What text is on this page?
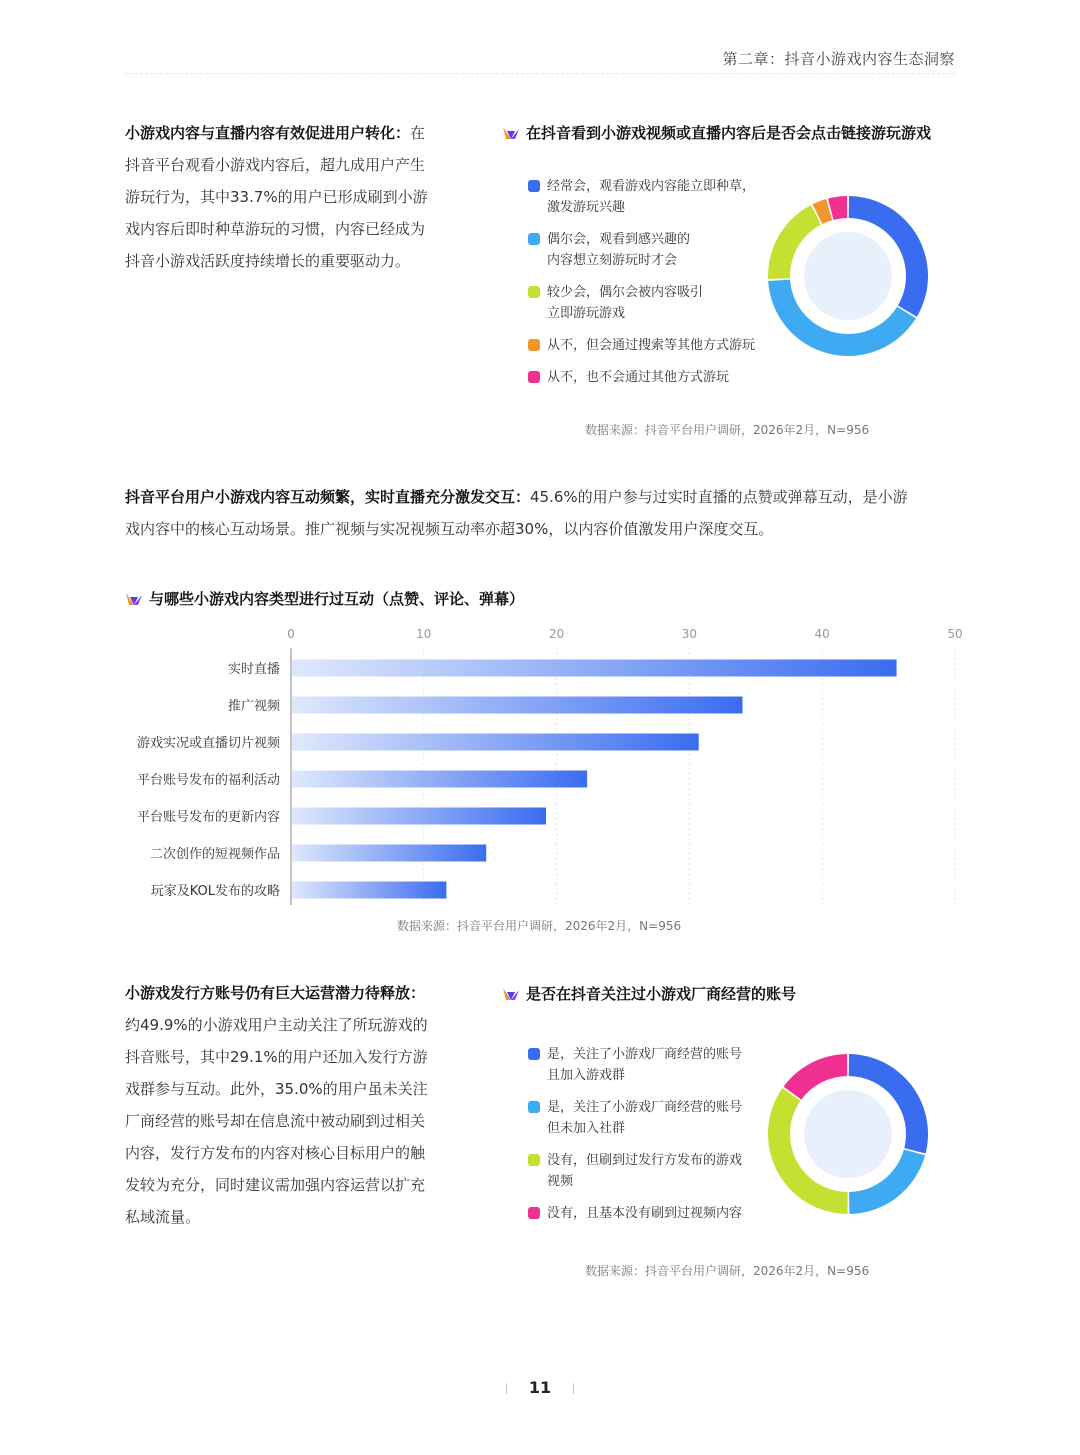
第二章：抖音小游戏内容生态洞察
小游戏内容与直播内容有效促进用户转化：在
抖音平台观看小游戏内容后，超九成用户产生
游玩行为，其中33.7%的用户已形成刷到小游
戏内容后即时种草游玩的习惯，内容已经成为
抖音小游戏活跃度持续增长的重要驱动力。
在抖音看到小游戏视频或直播内容后是否会点击链接游玩游戏
经常会，观看游戏内容能立即种草，
激发游玩兴趣
偶尔会，观看到感兴趣的
内容想立刻游玩时才会
较少会，偶尔会被内容吸引
立即游玩游戏
从不，但会通过搜索等其他方式游玩
从不，也不会通过其他方式游玩
数据来源：抖音平台用户调研，2026年2月，N=956
抖音平台用户小游戏内容互动频繁，实时直播充分激发交互：45.6%的用户参与过实时直播的点赞或弹幕互动，是小游
戏内容中的核心互动场景。推广视频与实况视频互动率亦超30%，以内容价值激发用户深度交互。
与哪些小游戏内容类型进行过互动（点赞、评论、弹幕）
0	10	20	30	40	50
实时直播
推广视频
游戏实况或直播切片视频
平台账号发布的福利活动
平台账号发布的更新内容
二次创作的短视频作品
玩家及KOL发布的攻略
数据来源：抖音平台用户调研，2026年2月，N=956
小游戏发行方账号仍有巨大运营潜力待释放：
约49.9%的小游戏用户主动关注了所玩游戏的
抖音账号，其中29.1%的用户还加入发行方游
戏群参与互动。此外，35.0%的用户虽未关注
厂商经营的账号却在信息流中被动刷到过相关
内容，发行方发布的内容对核心目标用户的触
发较为充分，同时建议需加强内容运营以扩充
私域流量。
是否在抖音关注过小游戏厂商经营的账号
是，关注了小游戏厂商经营的账号
且加入游戏群
是，关注了小游戏厂商经营的账号
但未加入社群
没有，但刷到过发行方发布的游戏
视频
没有，且基本没有刷到过视频内容
数据来源：抖音平台用户调研，2026年2月，N=956
11
